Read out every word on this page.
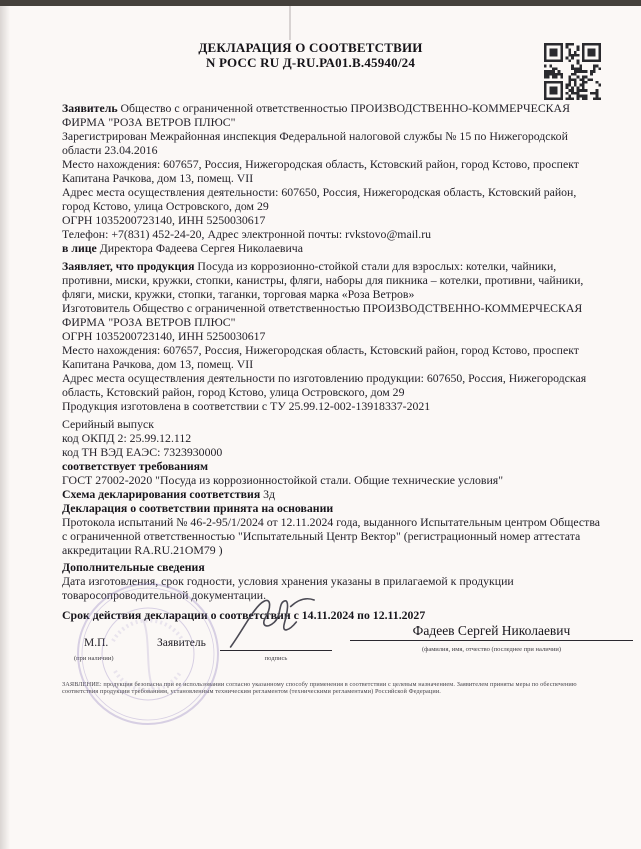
ДЕКЛАРАЦИЯ О СООТВЕТСТВИИ
N РОСС RU Д-RU.РА01.В.45940/24

Заявитель Общество с ограниченной ответственностью ПРОИЗВОДСТВЕННО-КОММЕРЧЕСКАЯ ФИРМА "РОЗА ВЕТРОВ ПЛЮС"

Зарегистрирован Межрайонная инспекция Федеральной налоговой службы № 15 по Нижегородской области 23.04.2016

Место нахождения: 607657, Россия, Нижегородская область, Кстовский район, город Кстово, проспект Капитана Рачкова, дом 13, помещ. VII

Адрес места осуществления деятельности: 607650, Россия, Нижегородская область, Кстовский район, город Кстово, улица Островского, дом 29

ОГРН 1035200723140, ИНН 5250030617

Телефон: +7(831) 452-24-20, Адрес электронной почты: rvkstovo@mail.ru

в лице Директора Фадеева Сергея Николаевича

Заявляет, что продукция Посуда из коррозионно-стойкой стали для взрослых: котелки, чайники, противни, миски, кружки, стопки, канистры, фляги, наборы для пикника – котелки, противни, чайники, фляги, миски, кружки, стопки, таганки, торговая марка «Роза Ветров»

Изготовитель Общество с ограниченной ответственностью ПРОИЗВОДСТВЕННО-КОММЕРЧЕСКАЯ ФИРМА "РОЗА ВЕТРОВ ПЛЮС"

ОГРН 1035200723140, ИНН 5250030617

Место нахождения: 607657, Россия, Нижегородская область, Кстовский район, город Кстово, проспект Капитана Рачкова, дом 13, помещ. VII

Адрес места осуществления деятельности по изготовлению продукции: 607650, Россия, Нижегородская область, Кстовский район, город Кстово, улица Островского, дом 29

Продукция изготовлена в соответствии с ТУ 25.99.12-002-13918337-2021

Серийный выпуск

код ОКПД 2: 25.99.12.112

код ТН ВЭД ЕАЭС: 7323930000

соответствует требованиям

ГОСТ 27002-2020 "Посуда из коррозионностойкой стали. Общие технические условия"

Схема декларирования соответствия 3д

Декларация о соответствии принята на основании

Протокола испытаний № 46-2-95/1/2024 от 12.11.2024 года, выданного Испытательным центром Общества с ограниченной ответственностью "Испытательный Центр Вектор" (регистрационный номер аттестата аккредитации RA.RU.21ОМ79 )

Дополнительные сведения

Дата изготовления, срок годности, условия хранения указаны в прилагаемой к продукции товаросопроводительной документации.

Срок действия декларации о соответствии с 14.11.2024 по 12.11.2027

М.П.
(при наличии)
Заявитель
подпись
Фадеев Сергей Николаевич
(фамилия, имя, отчество (последнее при наличии)
ЗАЯВЛЕНИЕ: продукция безопасна при ее использовании согласно указанному способу применения в соответствии с целевым назначением. Заявителем приняты меры по обеспечению
соответствия продукции требованиям, установленным техническим регламентом (техническими регламентами) Российской Федерации.
